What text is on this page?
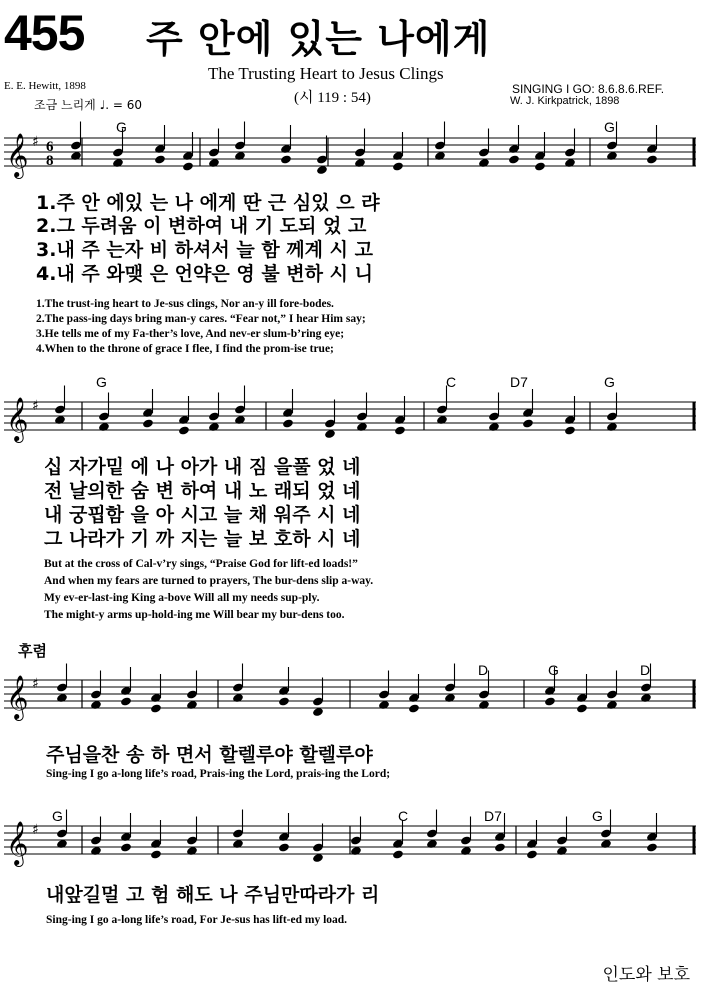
455 주 안에 있는 나에게
The Trusting Heart to Jesus Clings
(시 119 : 54)
E. E. Hewitt, 1898
조금 느리게 ♩. = 60
SINGING I GO: 8.6.8.6.REF.
W. J. Kirkpatrick, 1898
𝄞 ♯ 6
8
𝄞 ♯
𝄞 ♯
𝄞 ♯
G	G
G	C	D7	G
D	G	D
G	C	D7	G
1.주 안 에있 는 나 에게 딴 근 심있 으 랴
2.그 두려움 이 변하여 내 기 도되 었 고
3.내 주 는자 비 하셔서 늘 함 께계 시 고
4.내 주 와맺 은 언약은 영 불 변하 시 니
1.The trust-ing heart to Je-sus clings, Nor an-y ill fore-bodes.
2.The pass-ing days bring man-y cares. “Fear not,” I hear Him say;
3.He tells me of my Fa-ther’s love, And nev-er slum-b’ring eye;
4.When to the throne of grace I flee, I find the prom-ise true;
십 자가밑 에 나 아가 내 짐 을풀 었 네
전 날의한 숨 변 하여 내 노 래되 었 네
내 궁핍함 을 아 시고 늘 채 워주 시 네
그 나라가 기 까 지는 늘 보 호하 시 네
But at the cross of Cal-v’ry sings, “Praise God for lift-ed loads!”
And when my fears are turned to prayers, The bur-dens slip a-way.
My ev-er-last-ing King a-bove Will all my needs sup-ply.
The might-y arms up-hold-ing me Will bear my bur-dens too.
후렴
주님을찬 송 하 면서 할렐루야 할렐루야
Sing-ing I go a-long life’s road, Prais-ing the Lord, prais-ing the Lord;
내앞길멀 고 험 해도 나 주님만따라가 리
Sing-ing I go a-long life’s road, For Je-sus has lift-ed my load.
인도와 보호
